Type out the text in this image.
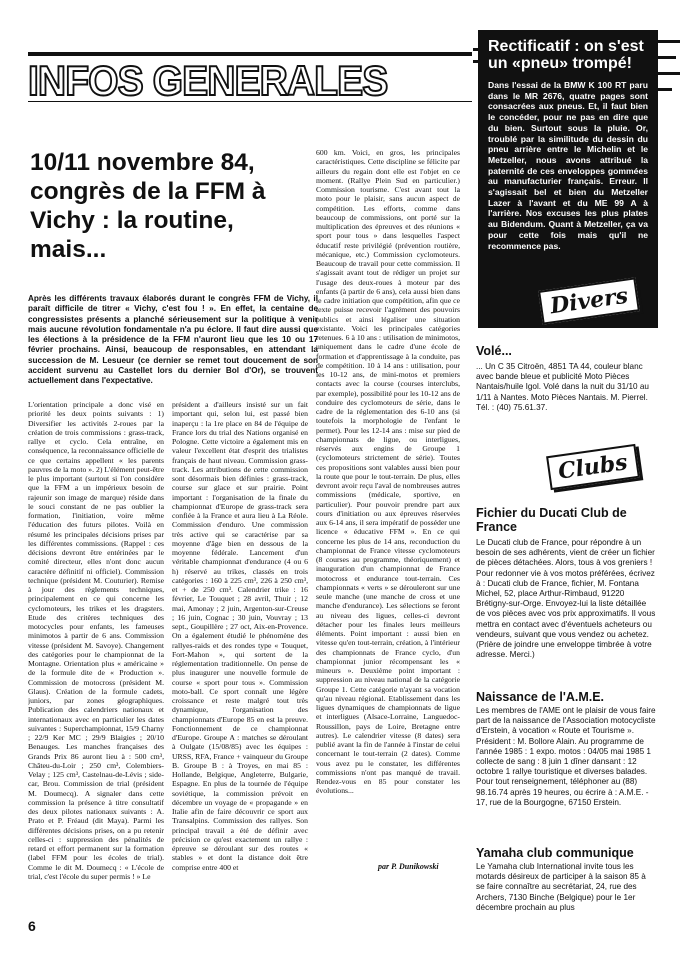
INFOS GENERALES
Rectificatif : on s'est un «pneu» trompé!
Dans l'essai de la BMW K 100 RT paru dans le MR 2676, quatre pages sont consacrées aux pneus. Et, il faut bien le concéder, pour ne pas en dire que du bien. Surtout sous la pluie. Or, troublé par la similitude du dessin du pneu arrière entre le Michelin et le Metzeller, nous avons attribué la paternité de ces enveloppes gommées au manufacturier français. Erreur. Il s'agissait bel et bien du Metzeller Lazer à l'avant et du ME 99 A à l'arrière. Nos excuses les plus plates au Bidendum. Quant à Metzeller, ça va pour cette fois mais qu'il ne recommence pas.
10/11 novembre 84, congrès de la FFM à Vichy : la routine, mais...
Après les différents travaux élaborés durant le congrès FFM de Vichy, il paraît difficile de titrer « Vichy, c'est fou ! ». En effet, la centaine de congressistes présents a planché sérieusement sur la politique à venir mais aucune révolution fondamentale n'a pu éclore. Il faut dire aussi que les élections à la présidence de la FFM n'auront lieu que les 10 ou 17 février prochains. Ainsi, beaucoup de responsables, en attendant la succession de M. Lesueur (ce dernier se remet tout doucement de son accident survenu au Castellet lors du dernier Bol d'Or), se trouvent actuellement dans l'expectative.

L'orientation principale a donc visé en priorité les deux points suivants : 1) Diversifier les activités 2-roues par la création de trois commissions : grass-track, rallye et cyclo. Cela entraîne, en conséquence, la reconnaissance officielle de ce que certains appellent « les parents pauvres de la moto ». 2) L'élément peut-être le plus important (surtout si l'on considère que la FFM a un impérieux besoin de rajeunir son image de marque) réside dans le souci constant de ne pas oublier la formation, l'initiation, voire même l'éducation des futurs pilotes. Voilà en résumé les principales décisions prises par les différentes commissions. (Rappel : ces décisions devront être entérinées par le comité directeur, elles n'ont donc aucun caractère définitif ni officiel). Commission technique (président M. Couturier). Remise à jour des règlements techniques, principalement en ce qui concerne les cyclomoteurs, les trikes et les dragsters. Etude des critères techniques des motocycles pour enfants, les fameuses minimotos à partir de 6 ans. Commission vitesse (président M. Savoye). Changement des catégories pour le championnat de la Montagne. Orientation plus « américaine » de la formule dite de « Production ». Commission de motocross (président M. Glaus). Création de la formule cadets, juniors, par zones géographiques. Publication des calendriers nationaux et internationaux avec en particulier les dates suivantes : Superchampionnat, 15/9 Charny ; 22/9 Ker MC ; 29/9 Blaigies ; 20/10 Benauges. Les manches françaises des Grands Prix 86 auront lieu à : 500 cm³, Châteu-du-Loir ; 250 cm³, Colembiers-Velay ; 125 cm³, Castelnau-de-Lévis ; side-car, Brou. Commission de trial (président M. Doumecq). A signaler dans cette commission la présence à titre consultatif des deux pilotes nationaux suivants : A. Prato et P. Fréaud (dit Maya). Parmi les différentes décisions prises, on a pu retenir celles-ci : suppression des pénalités de retard et effort permanent sur la formation (label FFM pour les écoles de trial). Comme le dit M. Doumecq : « L'école de trial, c'est l'école du super permis ! » Le

président a d'ailleurs insisté sur un fait important qui, selon lui, est passé bien inaperçu : la 1re place en 84 de l'équipe de France lors du trial des Nations organisé en Pologne. Cette victoire a également mis en valeur l'excellent état d'esprit des trialistes français de haut niveau. Commission grass-track. Les attributions de cette commission sont désormais bien définies : grass-track, course sur glace et sur prairie. Point important : l'organisation de la finale du championnat d'Europe de grass-track sera confiée à la France et aura lieu à La Réole. Commission d'enduro. Une commission très active qui se caractérise par sa moyenne d'âge bien en dessous de la moyenne fédérale. Lancement d'un véritable championnat d'endurance (4 ou 6 h) réservé au trikes, classés en trois catégories : 160 à 225 cm³, 226 à 250 cm³, et + de 250 cm³. Calendrier trike : 16 février, Le Touquet ; 28 avril, Thuir ; 12 mai, Amonay ; 2 juin, Argenton-sur-Creuse ; 16 juin, Cognac ; 30 juin, Vouvray ; 13 sept., Goupillère ; 27 oct, Aix-en-Provence. On a également étudié le phénomène des rallyes-raids et des rondes type « Touquet, Fort-Mahon », qui sortent de la réglementation traditionnelle. On pense de plus inaugurer une nouvelle formule de course « sport pour tous ». Commission moto-ball. Ce sport connaît une légère croissance et reste malgré tout très dynamique, l'organisation des championnats d'Europe 85 en est la preuve. Fonctionnement de ce championnat d'Europe. Groupe A : matches se déroulant à Oulgate (15/08/85) avec les équipes : URSS, RFA, France + vainqueur du Groupe B. Groupe B : à Troyes, en mai 85 : Hollande, Belgique, Angleterre, Bulgarie, Espagne. En plus de la tournée de l'équipe soviétique, la commission prévoit en décembre un voyage de « propagande » en Italie afin de faire découvrir ce sport aux Transalpins. Commission des rallyes. Son principal travail a été de définir avec précision ce qu'est exactement un rallye : épreuve se déroulant sur des routes « stables » et dont la distance doit être comprise entre 400 et

600 km. Voici, en gros, les principales caractéristiques. Cette discipline se félicite par ailleurs du regain dont elle est l'objet en ce moment. (Rallye Plein Sud en particulier.) Commission tourisme. C'est avant tout la moto pour le plaisir, sans aucun aspect de compétition. Les efforts, comme dans beaucoup de commissions, ont porté sur la multiplication des épreuves et des réunions « sport pour tous » dans lesquelles l'aspect éducatif reste privilégié (prévention routière, mécanique, etc.) Commission cyclomoteurs. Beaucoup de travail pour cette commission. Il s'agissait avant tout de rédiger un projet sur l'usage des deux-roues à moteur par des enfants (à partir de 6 ans), cela aussi bien dans le cadre initiation que compétition, afin que ce texte puisse recevoir l'agrément des pouvoirs publics et ainsi légaliser une situation existante. Voici les principales catégories retenues. 6 à 10 ans : utilisation de minimotos, uniquement dans le cadre d'une école de formation et d'apprentissage à la conduite, pas de compétition. 10 à 14 ans : utilisation, pour les 10-12 ans, de mini-motos et premiers contacts avec la course (courses interclubs, par exemple), possibilité pour les 10-12 ans de conduire des cyclomoteurs de série, dans le cadre de la réglementation des 6-10 ans (si toutefois la morphologie de l'enfant le permet). Pour les 12-14 ans : mise sur pied de championnats de ligue, ou interligues, réservés aux engins de Groupe 1 (cyclomoteurs strictement de série). Toutes ces propositions sont valables aussi bien pour la route que pour le tout-terrain. De plus, elles devront avoir reçu l'aval de nombreuses autres commissions (médicale, sportive, en particulier). Pour pouvoir prendre part aux cours d'initiation ou aux épreuves réservées aux 6-14 ans, il sera impératif de posséder une licence « éducative FFM ». En ce qui concerne les plus de 14 ans, reconduction du championnat de France vitesse cyclomoteurs (8 courses au programme, théoriquement) et inauguration d'un championnat de France motocross et endurance tout-terrain. Ces championnats « verts » se dérouleront sur une seule manche (une manche de cross et une manche d'endurance). Les sélections se feront au niveau des ligues, celles-ci devront détacher pour les finales leurs meilleurs éléments. Point important : aussi bien en vitesse qu'en tout-terrain, création, à l'intérieur des championnats de France cyclo, d'un championnat junior récompensant les « mineurs ». Deuxième point important : suppression au niveau national de la catégorie Groupe 1. Cette catégorie n'ayant sa vocation qu'au niveau régional. Etablissement dans les ligues dynamiques de championnats de ligue et interligues (Alsace-Lorraine, Languedoc-Roussillon, pays de Loire, Bretagne entre autres). Le calendrier vitesse (8 dates) sera publié avant la fin de l'année à l'instar de celui concernant le tout-terrain (2 dates). Comme vous avez pu le constater, les différentes commissions n'ont pas manqué de travail. Rendez-vous en 85 pour constater les évolutions...

par P. Dunikowski
Divers
Volé...
... Un C 35 Citroën, 4851 TA 44, couleur blanc avec bande bleue et publicité Moto Pièces Nantais/huile Igol. Volé dans la nuit du 31/10 au 1/11 à Nantes. Moto Pièces Nantais. M. Pierrel. Tél. : (40) 75.61.37.
Clubs
Fichier du Ducati Club de France
Le Ducati club de France, pour répondre à un besoin de ses adhérents, vient de créer un fichier de pièces détachées. Alors, tous à vos greniers ! Pour redonner vie à vos motos préférées, écrivez à : Ducati club de France, fichier, M. Fontana Michel, 52, place Arthur-Rimbaud, 91220 Brétigny-sur-Orge. Envoyez-lui la liste détaillée de vos pièces avec vos prix approximatifs. Il vous mettra en contact avec d'éventuels acheteurs ou vendeurs, suivant que vous vendez ou achetez. (Prière de joindre une enveloppe timbrée à votre adresse. Merci.)
Naissance de l'A.M.E.
Les membres de l'AME ont le plaisir de vous faire part de la naissance de l'Association motocycliste d'Erstein, à vocation « Route et Tourisme ». Président : M. Bollore Alain. Au programme de l'année 1985 : 1 expo. motos : 04/05 mai 1985 1 collecte de sang : 8 juin 1 dîner dansant : 12 octobre 1 rallye touristique et diverses balades. Pour tout renseignement, téléphoner au (88) 98.16.74 après 19 heures, ou écrire à : A.M.E. - 17, rue de la Bourgogne, 67150 Erstein.
Yamaha club communique
Le Yamaha club International invite tous les motards désireux de participer à la saison 85 à se faire connaître au secrétariat, 24, rue des Archers, 7130 Binche (Belgique) pour le 1er décembre prochain au plus
6
